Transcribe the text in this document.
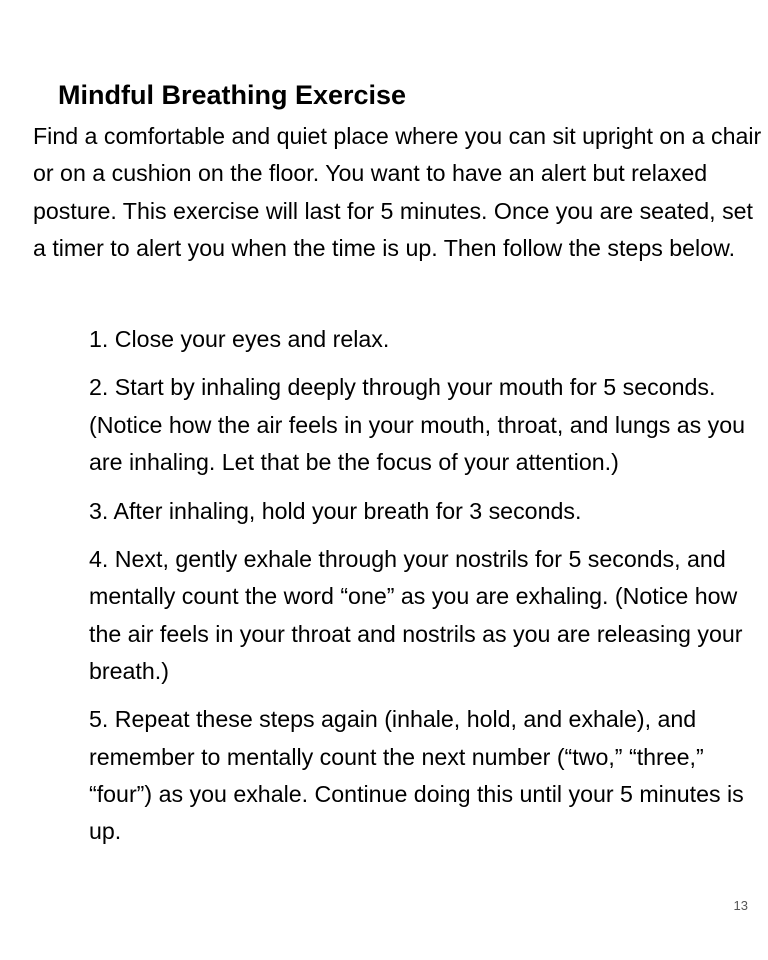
Mindful Breathing Exercise

Find a comfortable and quiet place where you can sit upright on a chair or on a cushion on the floor. You want to have an alert but relaxed posture. This exercise will last for 5 minutes. Once you are seated, set a timer to alert you when the time is up. Then follow the steps below.

1. Close your eyes and relax.
2. Start by inhaling deeply through your mouth for 5 seconds. (Notice how the air feels in your mouth, throat, and lungs as you are inhaling. Let that be the focus of your attention.)
3. After inhaling, hold your breath for 3 seconds.
4. Next, gently exhale through your nostrils for 5 seconds, and mentally count the word “one” as you are exhaling. (Notice how the air feels in your throat and nostrils as you are releasing your breath.)
5. Repeat these steps again (inhale, hold, and exhale), and remember to mentally count the next number (“two,” “three,” “four”) as you exhale. Continue doing this until your 5 minutes is up.
13
